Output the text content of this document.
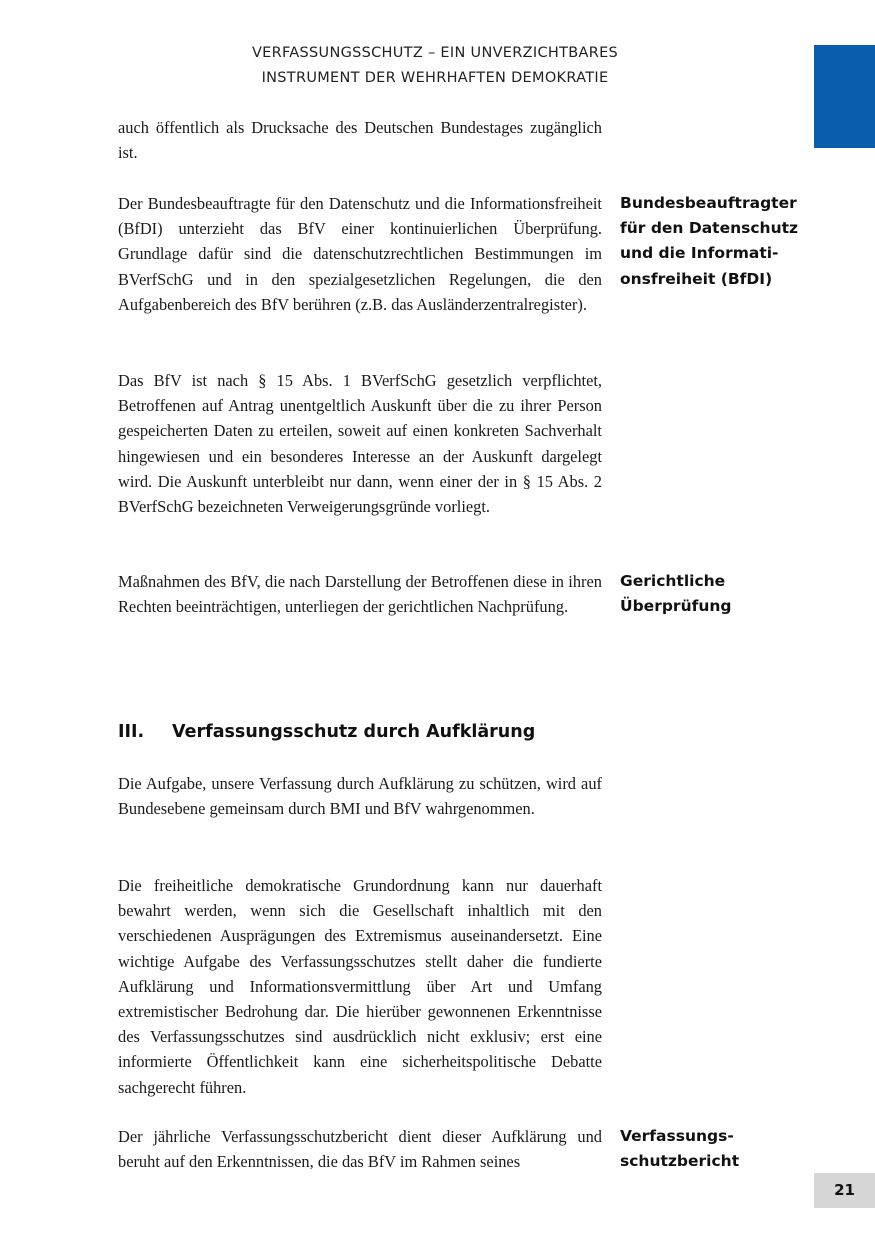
VERFASSUNGSSCHUTZ – EIN UNVERZICHTBARES
INSTRUMENT DER WEHRHAFTEN DEMOKRATIE

auch öffentlich als Drucksache des Deutschen Bundestages zugänglich ist.

Der Bundesbeauftragte für den Datenschutz und die Informationsfreiheit (BfDI) unterzieht das BfV einer kontinuierlichen Überprüfung. Grundlage dafür sind die datenschutzrechtlichen Bestimmungen im BVerfSchG und in den spezialgesetzlichen Regelungen, die den Aufgabenbereich des BfV berühren (z.B. das Ausländerzentralregister).

Bundesbeauftragter
für den Datenschutz
und die Informati-
onsfreiheit (BfDI)

Das BfV ist nach § 15 Abs. 1 BVerfSchG gesetzlich verpflichtet, Betroffenen auf Antrag unentgeltlich Auskunft über die zu ihrer Person gespeicherten Daten zu erteilen, soweit auf einen konkreten Sachverhalt hingewiesen und ein besonderes Interesse an der Auskunft dargelegt wird. Die Auskunft unterbleibt nur dann, wenn einer der in § 15 Abs. 2 BVerfSchG bezeichneten Verweigerungsgründe vorliegt.

Maßnahmen des BfV, die nach Darstellung der Betroffenen diese in ihren Rechten beeinträchtigen, unterliegen der gerichtlichen Nachprüfung.

Gerichtliche
Überprüfung
III. Verfassungsschutz durch Aufklärung

Die Aufgabe, unsere Verfassung durch Aufklärung zu schützen, wird auf Bundesebene gemeinsam durch BMI und BfV wahrgenommen.

Die freiheitliche demokratische Grundordnung kann nur dauerhaft bewahrt werden, wenn sich die Gesellschaft inhaltlich mit den verschiedenen Ausprägungen des Extremismus auseinandersetzt. Eine wichtige Aufgabe des Verfassungsschutzes stellt daher die fundierte Aufklärung und Informationsvermittlung über Art und Umfang extremistischer Bedrohung dar. Die hierüber gewonnenen Erkenntnisse des Verfassungsschutzes sind ausdrücklich nicht exklusiv; erst eine informierte Öffentlichkeit kann eine sicherheitspolitische Debatte sachgerecht führen.

Der jährliche Verfassungsschutzbericht dient dieser Aufklärung und beruht auf den Erkenntnissen, die das BfV im Rahmen seines

Verfassungs-
schutzbericht
21
